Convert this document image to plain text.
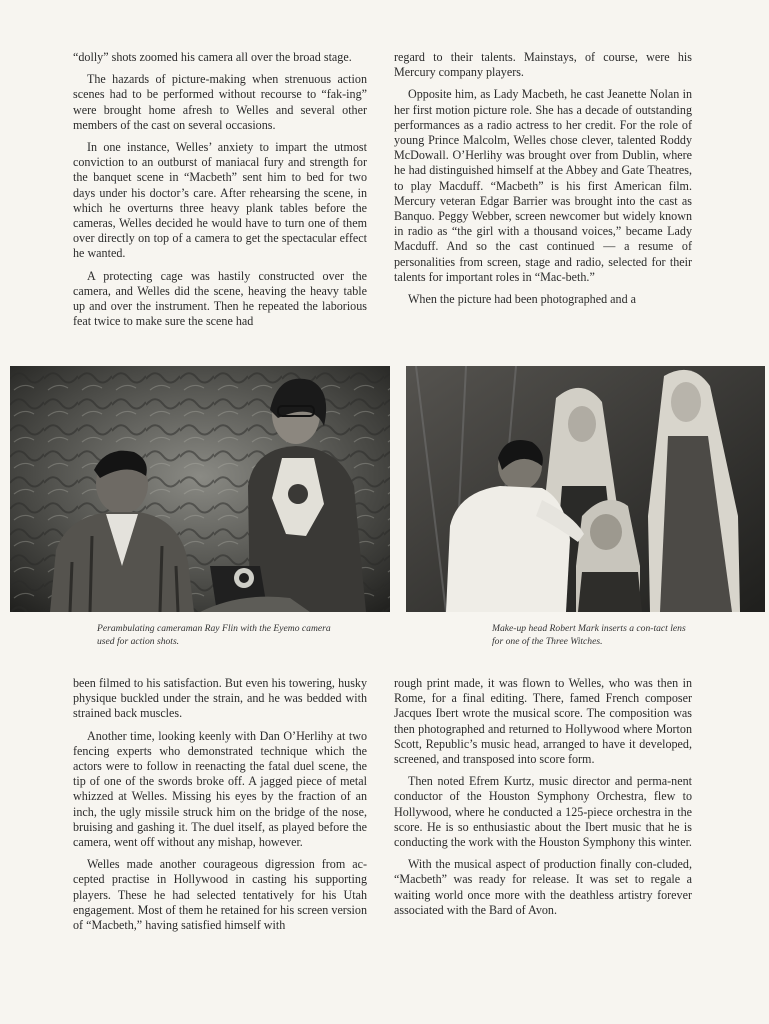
“dolly” shots zoomed his camera all over the broad stage.

The hazards of picture-making when strenuous action scenes had to be performed without recourse to “fak-ing” were brought home afresh to Welles and several other members of the cast on several occasions.

In one instance, Welles’ anxiety to impart the utmost conviction to an outburst of maniacal fury and strength for the banquet scene in “Macbeth” sent him to bed for two days under his doctor’s care. After rehearsing the scene, in which he overturns three heavy plank tables before the cameras, Welles decided he would have to turn one of them over directly on top of a camera to get the spectacular effect he wanted.

A protecting cage was hastily constructed over the camera, and Welles did the scene, heaving the heavy table up and over the instrument. Then he repeated the laborious feat twice to make sure the scene had

regard to their talents. Mainstays, of course, were his Mercury company players.

Opposite him, as Lady Macbeth, he cast Jeanette Nolan in her first motion picture role. She has a decade of outstanding performances as a radio actress to her credit. For the role of young Prince Malcolm, Welles chose clever, talented Roddy McDowall. O’Herlihy was brought over from Dublin, where he had distinguished himself at the Abbey and Gate Theatres, to play Macduff. “Macbeth” is his first American film. Mercury veteran Edgar Barrier was brought into the cast as Banquo. Peggy Webber, screen newcomer but widely known in radio as “the girl with a thousand voices,” became Lady Macduff. And so the cast continued — a resume of personalities from screen, stage and radio, selected for their talents for important roles in “Mac-beth.”

When the picture had been photographed and a

Perambulating cameraman Ray Flin with the Eyemo camera used for action shots.
Make-up head Robert Mark inserts a con-tact lens for one of the Three Witches.

been filmed to his satisfaction. But even his towering, husky physique buckled under the strain, and he was bedded with strained back muscles.

Another time, looking keenly with Dan O’Herlihy at two fencing experts who demonstrated technique which the actors were to follow in reenacting the fatal duel scene, the tip of one of the swords broke off. A jagged piece of metal whizzed at Welles. Missing his eyes by the fraction of an inch, the ugly missile struck him on the bridge of the nose, bruising and gashing it. The duel itself, as played before the camera, went off without any mishap, however.

Welles made another courageous digression from ac-cepted practise in Hollywood in casting his supporting players. These he had selected tentatively for his Utah engagement. Most of them he retained for his screen version of “Macbeth,” having satisfied himself with

rough print made, it was flown to Welles, who was then in Rome, for a final editing. There, famed French composer Jacques Ibert wrote the musical score. The composition was then photographed and returned to Hollywood where Morton Scott, Republic’s music head, arranged to have it developed, screened, and transposed into score form.

Then noted Efrem Kurtz, music director and perma-nent conductor of the Houston Symphony Orchestra, flew to Hollywood, where he conducted a 125-piece orchestra in the score. He is so enthusiastic about the Ibert music that he is conducting the work with the Houston Symphony this winter.

With the musical aspect of production finally con-cluded, “Macbeth” was ready for release. It was set to regale a waiting world once more with the deathless artistry forever associated with the Bard of Avon.
